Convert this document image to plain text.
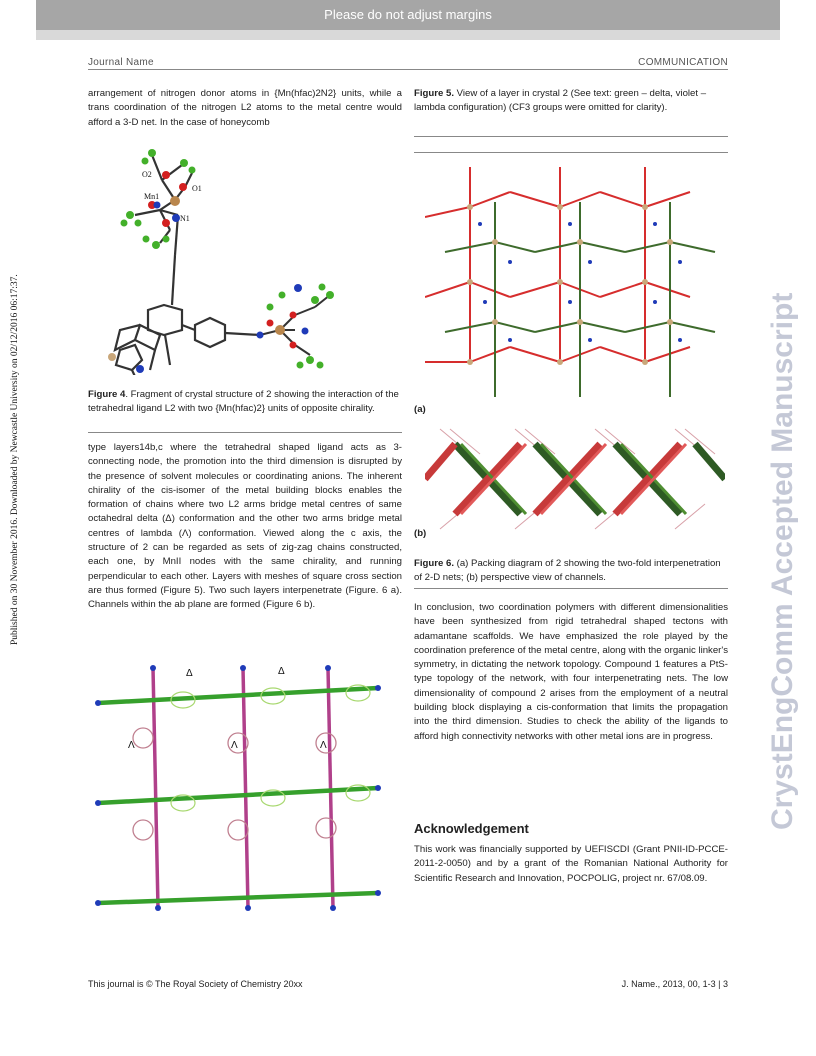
Please do not adjust margins
Published on 30 November 2016. Downloaded by Newcastle University on 02/12/2016 06:17:37.	CrystEngComm Accepted Manuscript
Journal Name	COMMUNICATION

arrangement of nitrogen donor atoms in {Mn(hfac)2N2} units, while a trans coordination of the nitrogen L2 atoms to the metal centre would afford a 3-D net. In the case of honeycomb

O2
Mn1
O1
N1
Figure 4. Fragment of crystal structure of 2 showing the interaction of the tetrahedral ligand L2 with two {Mn(hfac)2} units of opposite chirality.

type layers14b,c where the tetrahedral shaped ligand acts as 3-connecting node, the promotion into the third dimension is disrupted by the presence of solvent molecules or coordinating anions. The inherent chirality of the cis-isomer of the metal building blocks enables the formation of chains where two L2 arms bridge metal centres of same octahedral delta (Δ) conformation and the other two arms bridge metal centres of lambda (Λ) conformation. Viewed along the c axis, the structure of 2 can be regarded as sets of zig-zag chains constructed, each one, by MnII nodes with the same chirality, and running perpendicular to each other. Layers with meshes of square cross section are thus formed (Figure 5). Two such layers interpenetrate (Figure. 6 a). Channels within the ab plane are formed (Figure 6 b).

Δ	Δ
Λ	Λ	Λ
Figure 5. View of a layer in crystal 2 (See text: green – delta, violet – lambda configuration) (CF3 groups were omitted for clarity).
(a)
(b)
Figure 6. (a) Packing diagram of 2 showing the two-fold interpenetration of 2-D nets; (b) perspective view of channels.

In conclusion, two coordination polymers with different dimensionalities have been synthesized from rigid tetrahedral shaped tectons with adamantane scaffolds. We have emphasized the role played by the coordination preference of the metal centre, along with the organic linker's symmetry, in dictating the network topology. Compound 1 features a PtS-type topology of the network, with four interpenetrating nets. The low dimensionality of compound 2 arises from the employment of a neutral building block displaying a cis-conformation that limits the propagation into the third dimension. Studies to check the ability of the ligands to afford high connectivity networks with other metal ions are in progress.

Acknowledgement

This work was financially supported by UEFISCDI (Grant PNII-ID-PCCE-2011-2-0050) and by a grant of the Romanian National Authority for Scientific Research and Innovation, POCPOLIG, project nr. 67/08.09.

This journal is © The Royal Society of Chemistry 20xx	J. Name., 2013, 00, 1-3 | 3
